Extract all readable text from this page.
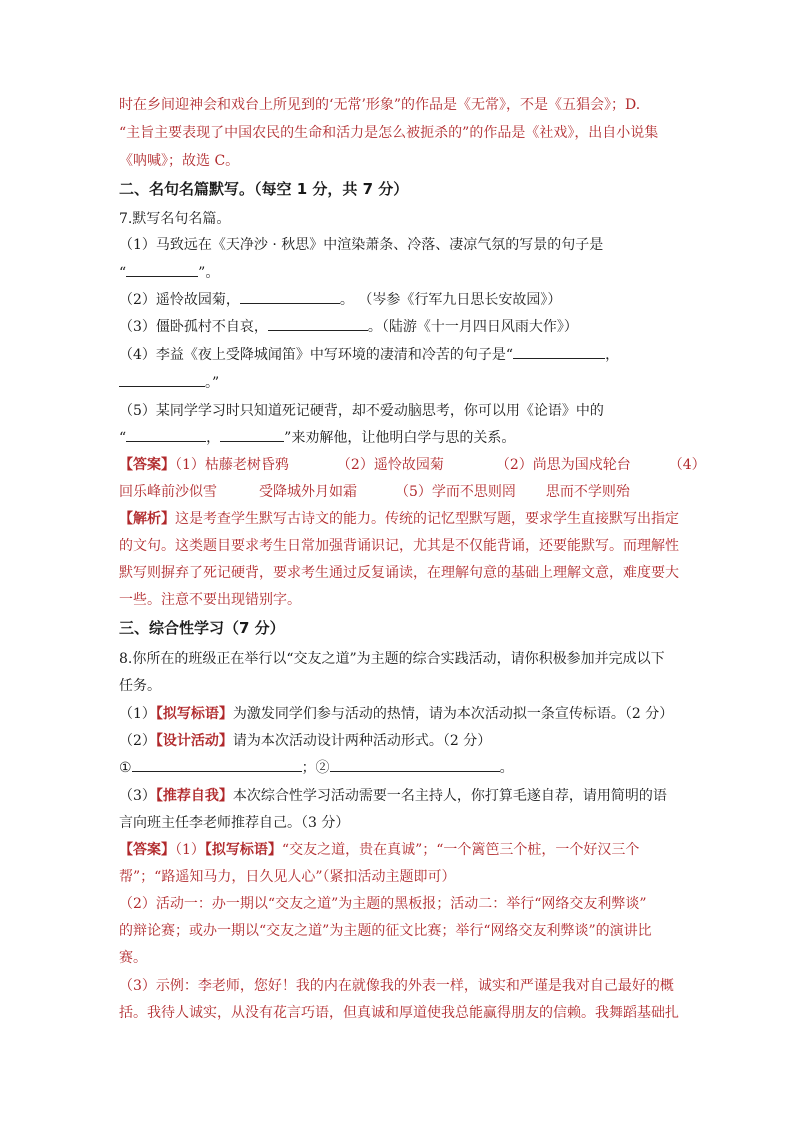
时在乡间迎神会和戏台上所见到的‘无常’形象”的作品是《无常》，不是《五猖会》；D.
“主旨主要表现了中国农民的生命和活力是怎么被扼杀的”的作品是《社戏》，出自小说集
《呐喊》；故选 C。
二、名句名篇默写。（每空 1 分，共 7 分）
7.默写名句名篇。
（1）马致远在《天净沙 · 秋思》中渲染萧条、冷落、凄凉气氛的写景的句子是
“	”。
（2）遥怜故园菊，	。 （岑参《行军九日思长安故园》）
（3）僵卧孤村不自哀，	。（陆游《十一月四日风雨大作》）
（4）李益《夜上受降城闻笛》中写环境的凄清和冷苦的句子是“	，
。”
（5）某同学学习时只知道死记硬背，却不爱动脑思考，你可以用《论语》中的
“	，	”来劝解他，让他明白学与思的关系。
【答案】（1）枯藤老树昏鸦	（2）遥怜故园菊	（2）尚思为国戍轮台	（4）
回乐峰前沙似雪	受降城外月如霜	（5）学而不思则罔 思而不学则殆
【解析】这是考查学生默写古诗文的能力。传统的记忆型默写题，要求学生直接默写出指定
的文句。这类题目要求考生日常加强背诵识记，尤其是不仅能背诵，还要能默写。而理解性
默写则摒弃了死记硬背，要求考生通过反复诵读，在理解句意的基础上理解文意，难度要大
一些。注意不要出现错别字。
三、综合性学习（7 分）
8.你所在的班级正在举行以“交友之道”为主题的综合实践活动，请你积极参加并完成以下
任务。
（1）【拟写标语】为激发同学们参与活动的热情，请为本次活动拟一条宣传标语。（2 分）
（2）【设计活动】请为本次活动设计两种活动形式。（2 分）
①	；②	。
（3）【推荐自我】本次综合性学习活动需要一名主持人，你打算毛遂自荐，请用简明的语
言向班主任李老师推荐自己。（3 分）
【答案】（1）【拟写标语】“交友之道，贵在真诚”；“一个篱笆三个桩，一个好汉三个
帮”；“路遥知马力，日久见人心”（紧扣活动主题即可）
（2）活动一：办一期以“交友之道”为主题的黑板报；活动二：举行“网络交友利弊谈”
的辩论赛；或办一期以“交友之道”为主题的征文比赛；举行“网络交友利弊谈”的演讲比
赛。
（3）示例：李老师，您好！我的内在就像我的外表一样，诚实和严谨是我对自己最好的概
括。我待人诚实，从没有花言巧语，但真诚和厚道使我总能赢得朋友的信赖。我舞蹈基础扎
